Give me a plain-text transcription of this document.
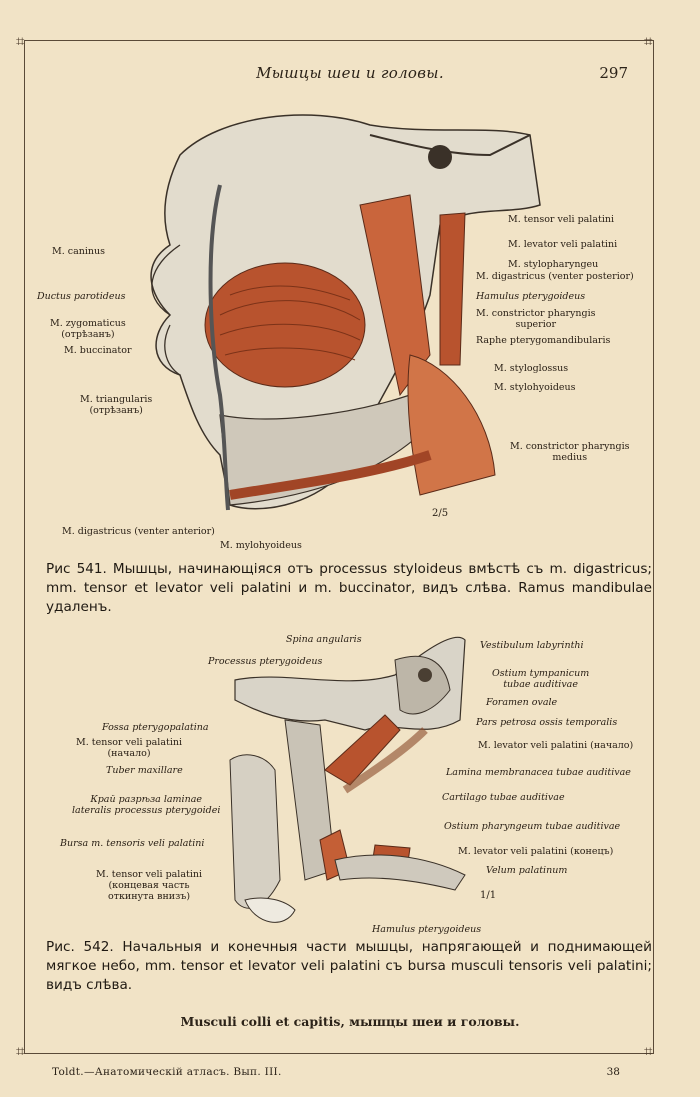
⌗	⌗
⌗	⌗
Мышцы шеи и головы.	297
M. caninus
Ductus parotideus
M. zygomaticus
(отрѣзанъ)
M. buccinator
M. triangularis
(отрѣзанъ)
M. tensor veli palatini
M. levator veli palatini
M. stylopharyngeu
M. digastricus (venter posterior)
Hamulus pterygoideus
M. constrictor pharyngis
superior
Raphe pterygomandibularis
M. styloglossus
M. stylohyoideus
M. constrictor pharyngis
medius
M. digastricus (venter anterior)
M. mylohyoideus
2/5
Рис 541. Мышцы, начинающіяся отъ processus styloideus вмѣстѣ съ m. digastricus; mm. tensor et levator veli palatini и m. buccinator, видъ слѣва. Ramus mandibulae удаленъ.
Spina angularis
Processus pterygoideus
Fossa pterygopalatina
M. tensor veli palatini
(начало)
Tuber maxillare
Край разрѣза laminae
lateralis processus pterygoidei
Bursa m. tensoris veli palatini
M. tensor veli palatini
(концевая часть
откинута внизъ)
Vestibulum labyrinthi
Ostium tympanicum
tubae auditivae
Foramen ovale
Pars petrosa ossis temporalis
M. levator veli palatini (начало)
Lamina membranacea tubae auditivae
Cartilago tubae auditivae
Ostium pharyngeum tubae auditivae
M. levator veli palatini (конецъ)
Velum palatinum
Hamulus pterygoideus
1/1
Рис. 542. Начальныя и конечныя части мышцы, напрягающей и поднимающей мягкое небо, mm. tensor et levator veli palatini съ bursa musculi tensoris veli palatini; видъ слѣва.
Musculi colli et capitis, мышцы шеи и головы.
Toldt.—Анатомическій атласъ. Вып. III.	38
